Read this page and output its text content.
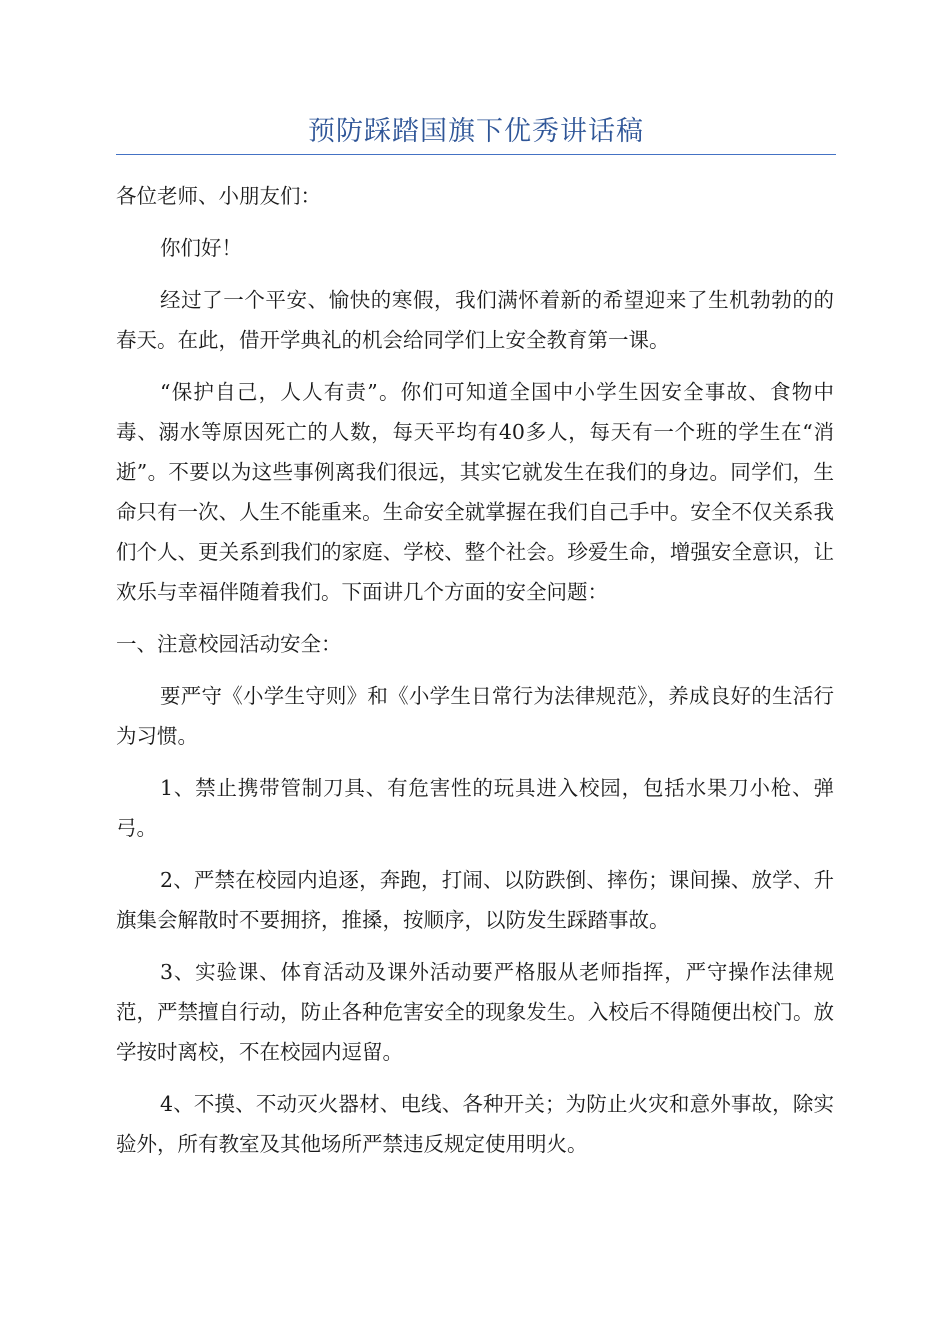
预防踩踏国旗下优秀讲话稿

各位老师、小朋友们：

你们好！

经过了一个平安、愉快的寒假，我们满怀着新的希望迎来了生机勃勃的的春天。在此，借开学典礼的机会给同学们上安全教育第一课。

“保护自己，人人有责”。你们可知道全国中小学生因安全事故、食物中毒、溺水等原因死亡的人数，每天平均有40多人，每天有一个班的学生在“消逝”。不要以为这些事例离我们很远，其实它就发生在我们的身边。同学们，生命只有一次、人生不能重来。生命安全就掌握在我们自己手中。安全不仅关系我们个人、更关系到我们的家庭、学校、整个社会。珍爱生命，增强安全意识，让欢乐与幸福伴随着我们。下面讲几个方面的安全问题：

一、注意校园活动安全：

要严守《小学生守则》和《小学生日常行为法律规范》，养成良好的生活行为习惯。

1、禁止携带管制刀具、有危害性的玩具进入校园，包括水果刀小枪、弹弓。

2、严禁在校园内追逐，奔跑，打闹、以防跌倒、摔伤；课间操、放学、升旗集会解散时不要拥挤，推搡，按顺序，以防发生踩踏事故。

3、实验课、体育活动及课外活动要严格服从老师指挥，严守操作法律规范，严禁擅自行动，防止各种危害安全的现象发生。入校后不得随便出校门。放学按时离校，不在校园内逗留。

4、不摸、不动灭火器材、电线、各种开关；为防止火灾和意外事故，除实验外，所有教室及其他场所严禁违反规定使用明火。
